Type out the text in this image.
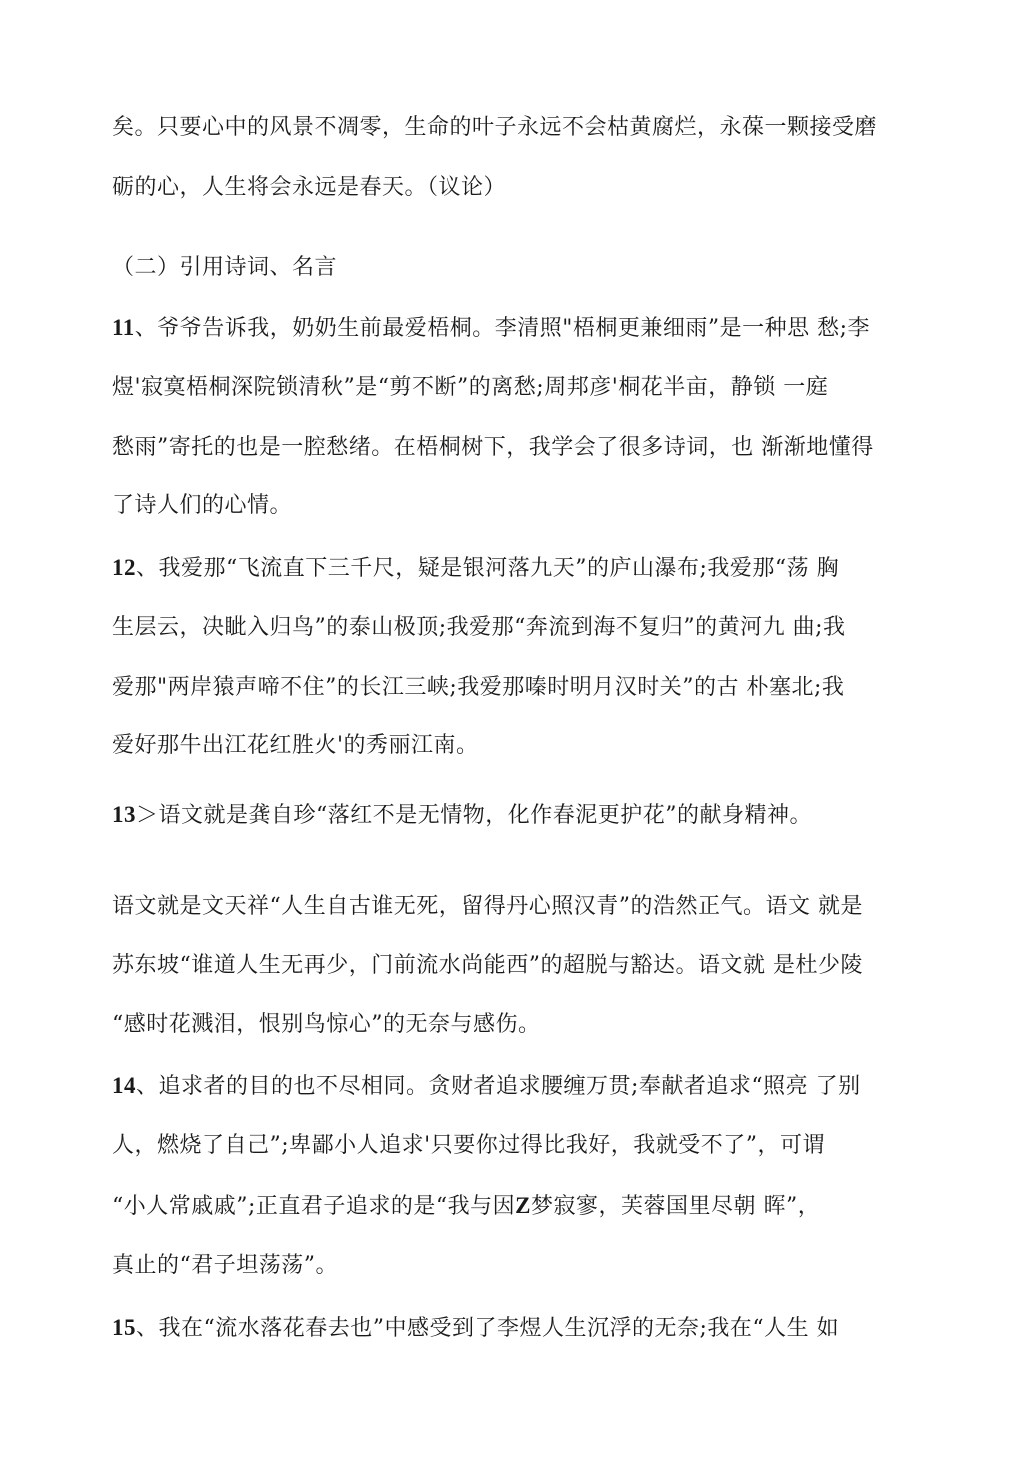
矣。只要心中的风景不凋零，生命的叶子永远不会枯黄腐烂，永葆一颗接受磨
砺的心，人生将会永远是春天。（议论）
（二）引用诗词、名言
11、爷爷告诉我，奶奶生前最爱梧桐。李清照"梧桐更兼细雨”是一种思 愁;李
煜'寂寞梧桐深院锁清秋”是“剪不断”的离愁;周邦彦'桐花半亩，静锁 一庭
愁雨”寄托的也是一腔愁绪。在梧桐树下，我学会了很多诗词，也 渐渐地懂得
了诗人们的心情。
12、我爱那“飞流直下三千尺，疑是银河落九天”的庐山瀑布;我爱那“荡 胸
生层云，决眦入归鸟”的泰山极顶;我爱那“奔流到海不复归”的黄河九 曲;我
爱那"两岸猿声啼不住”的长江三峡;我爱那嗪时明月汉时关”的古 朴塞北;我
爱好那牛出江花红胜火'的秀丽江南。
13＞语文就是龚自珍“落红不是无情物，化作春泥更护花”的献身精神。
语文就是文天祥“人生自古谁无死，留得丹心照汉青”的浩然正气。语文 就是
苏东坡“谁道人生无再少，门前流水尚能西”的超脱与豁达。语文就 是杜少陵
“感时花溅泪，恨别鸟惊心”的无奈与感伤。
14、追求者的目的也不尽相同。贪财者追求腰缠万贯;奉献者追求“照亮 了别
人，燃烧了自己”;卑鄙小人追求'只要你过得比我好，我就受不了”，可谓
“小人常戚戚”;正直君子追求的是“我与因Z梦寂寥，芙蓉国里尽朝 晖”，
真止的“君子坦荡荡”。
15、我在“流水落花春去也”中感受到了李煜人生沉浮的无奈;我在“人生 如
